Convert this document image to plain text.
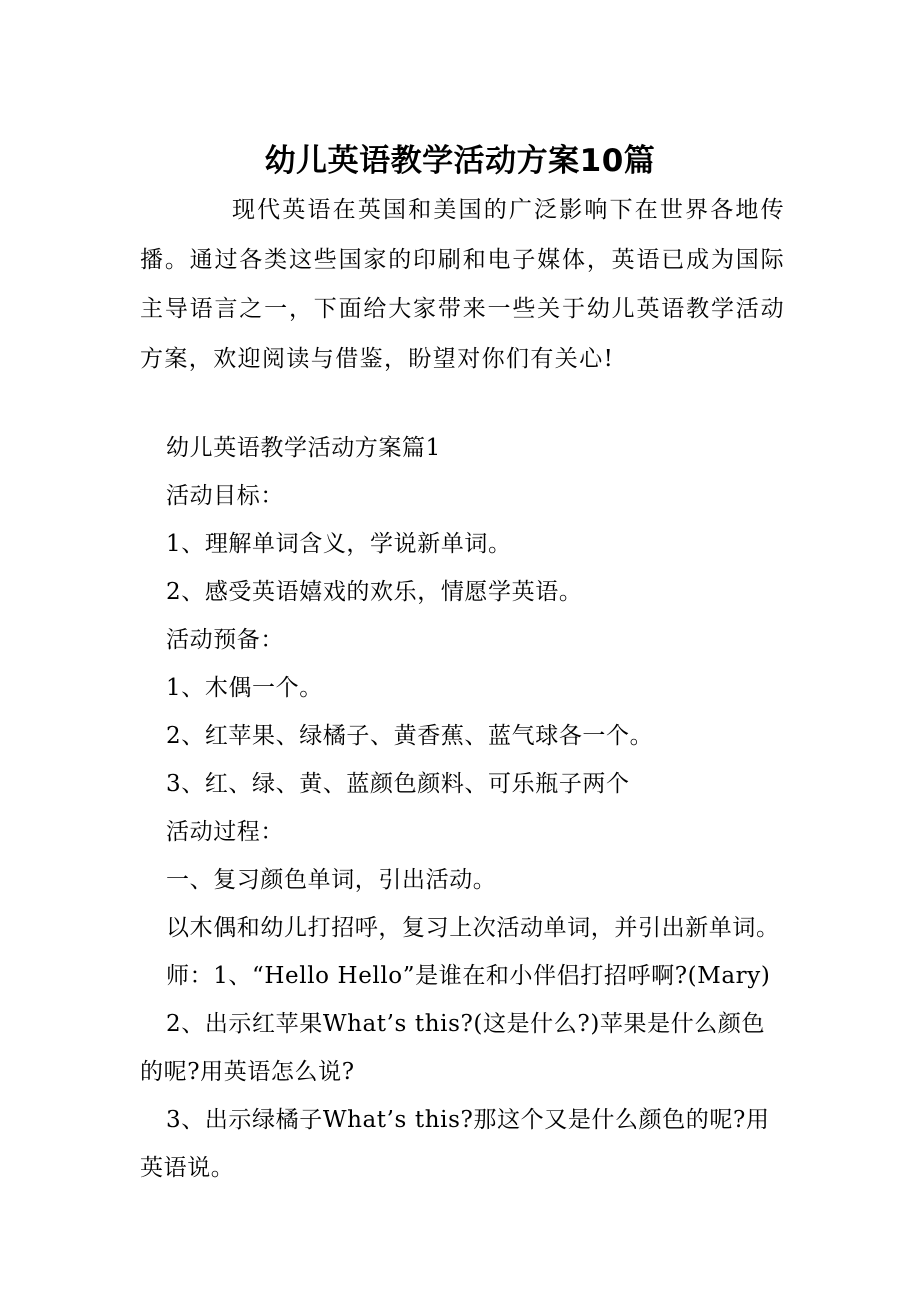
幼儿英语教学活动方案10篇

现代英语在英国和美国的广泛影响下在世界各地传播。通过各类这些国家的印刷和电子媒体，英语已成为国际主导语言之一，下面给大家带来一些关于幼儿英语教学活动方案，欢迎阅读与借鉴，盼望对你们有关心!

幼儿英语教学活动方案篇1

活动目标：

1、理解单词含义，学说新单词。

2、感受英语嬉戏的欢乐，情愿学英语。

活动预备：

1、木偶一个。

2、红苹果、绿橘子、黄香蕉、蓝气球各一个。

3、红、绿、黄、蓝颜色颜料、可乐瓶子两个

活动过程：

一、复习颜色单词，引出活动。

以木偶和幼儿打招呼，复习上次活动单词，并引出新单词。

师：1、“Hello Hello”是谁在和小伴侣打招呼啊?(Mary)

2、出示红苹果What’s this?(这是什么?)苹果是什么颜色的呢?用英语怎么说?

3、出示绿橘子What’s this?那这个又是什么颜色的呢?用英语说。
